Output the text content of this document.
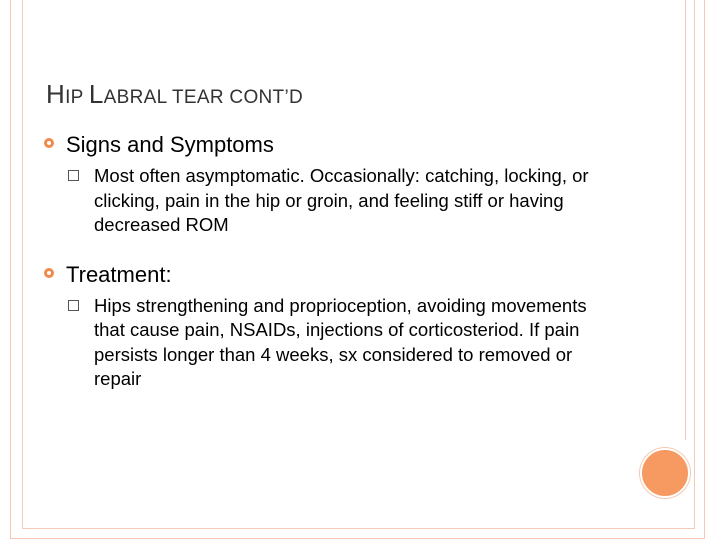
HIP LABRAL TEAR CONT’D
Signs and Symptoms
Most often asymptomatic. Occasionally: catching, locking, or clicking, pain in the hip or groin, and feeling stiff or having decreased ROM
Treatment:
Hips strengthening and proprioception, avoiding movements that cause pain, NSAIDs, injections of corticosteriod. If pain persists longer than 4 weeks, sx considered to removed or repair
